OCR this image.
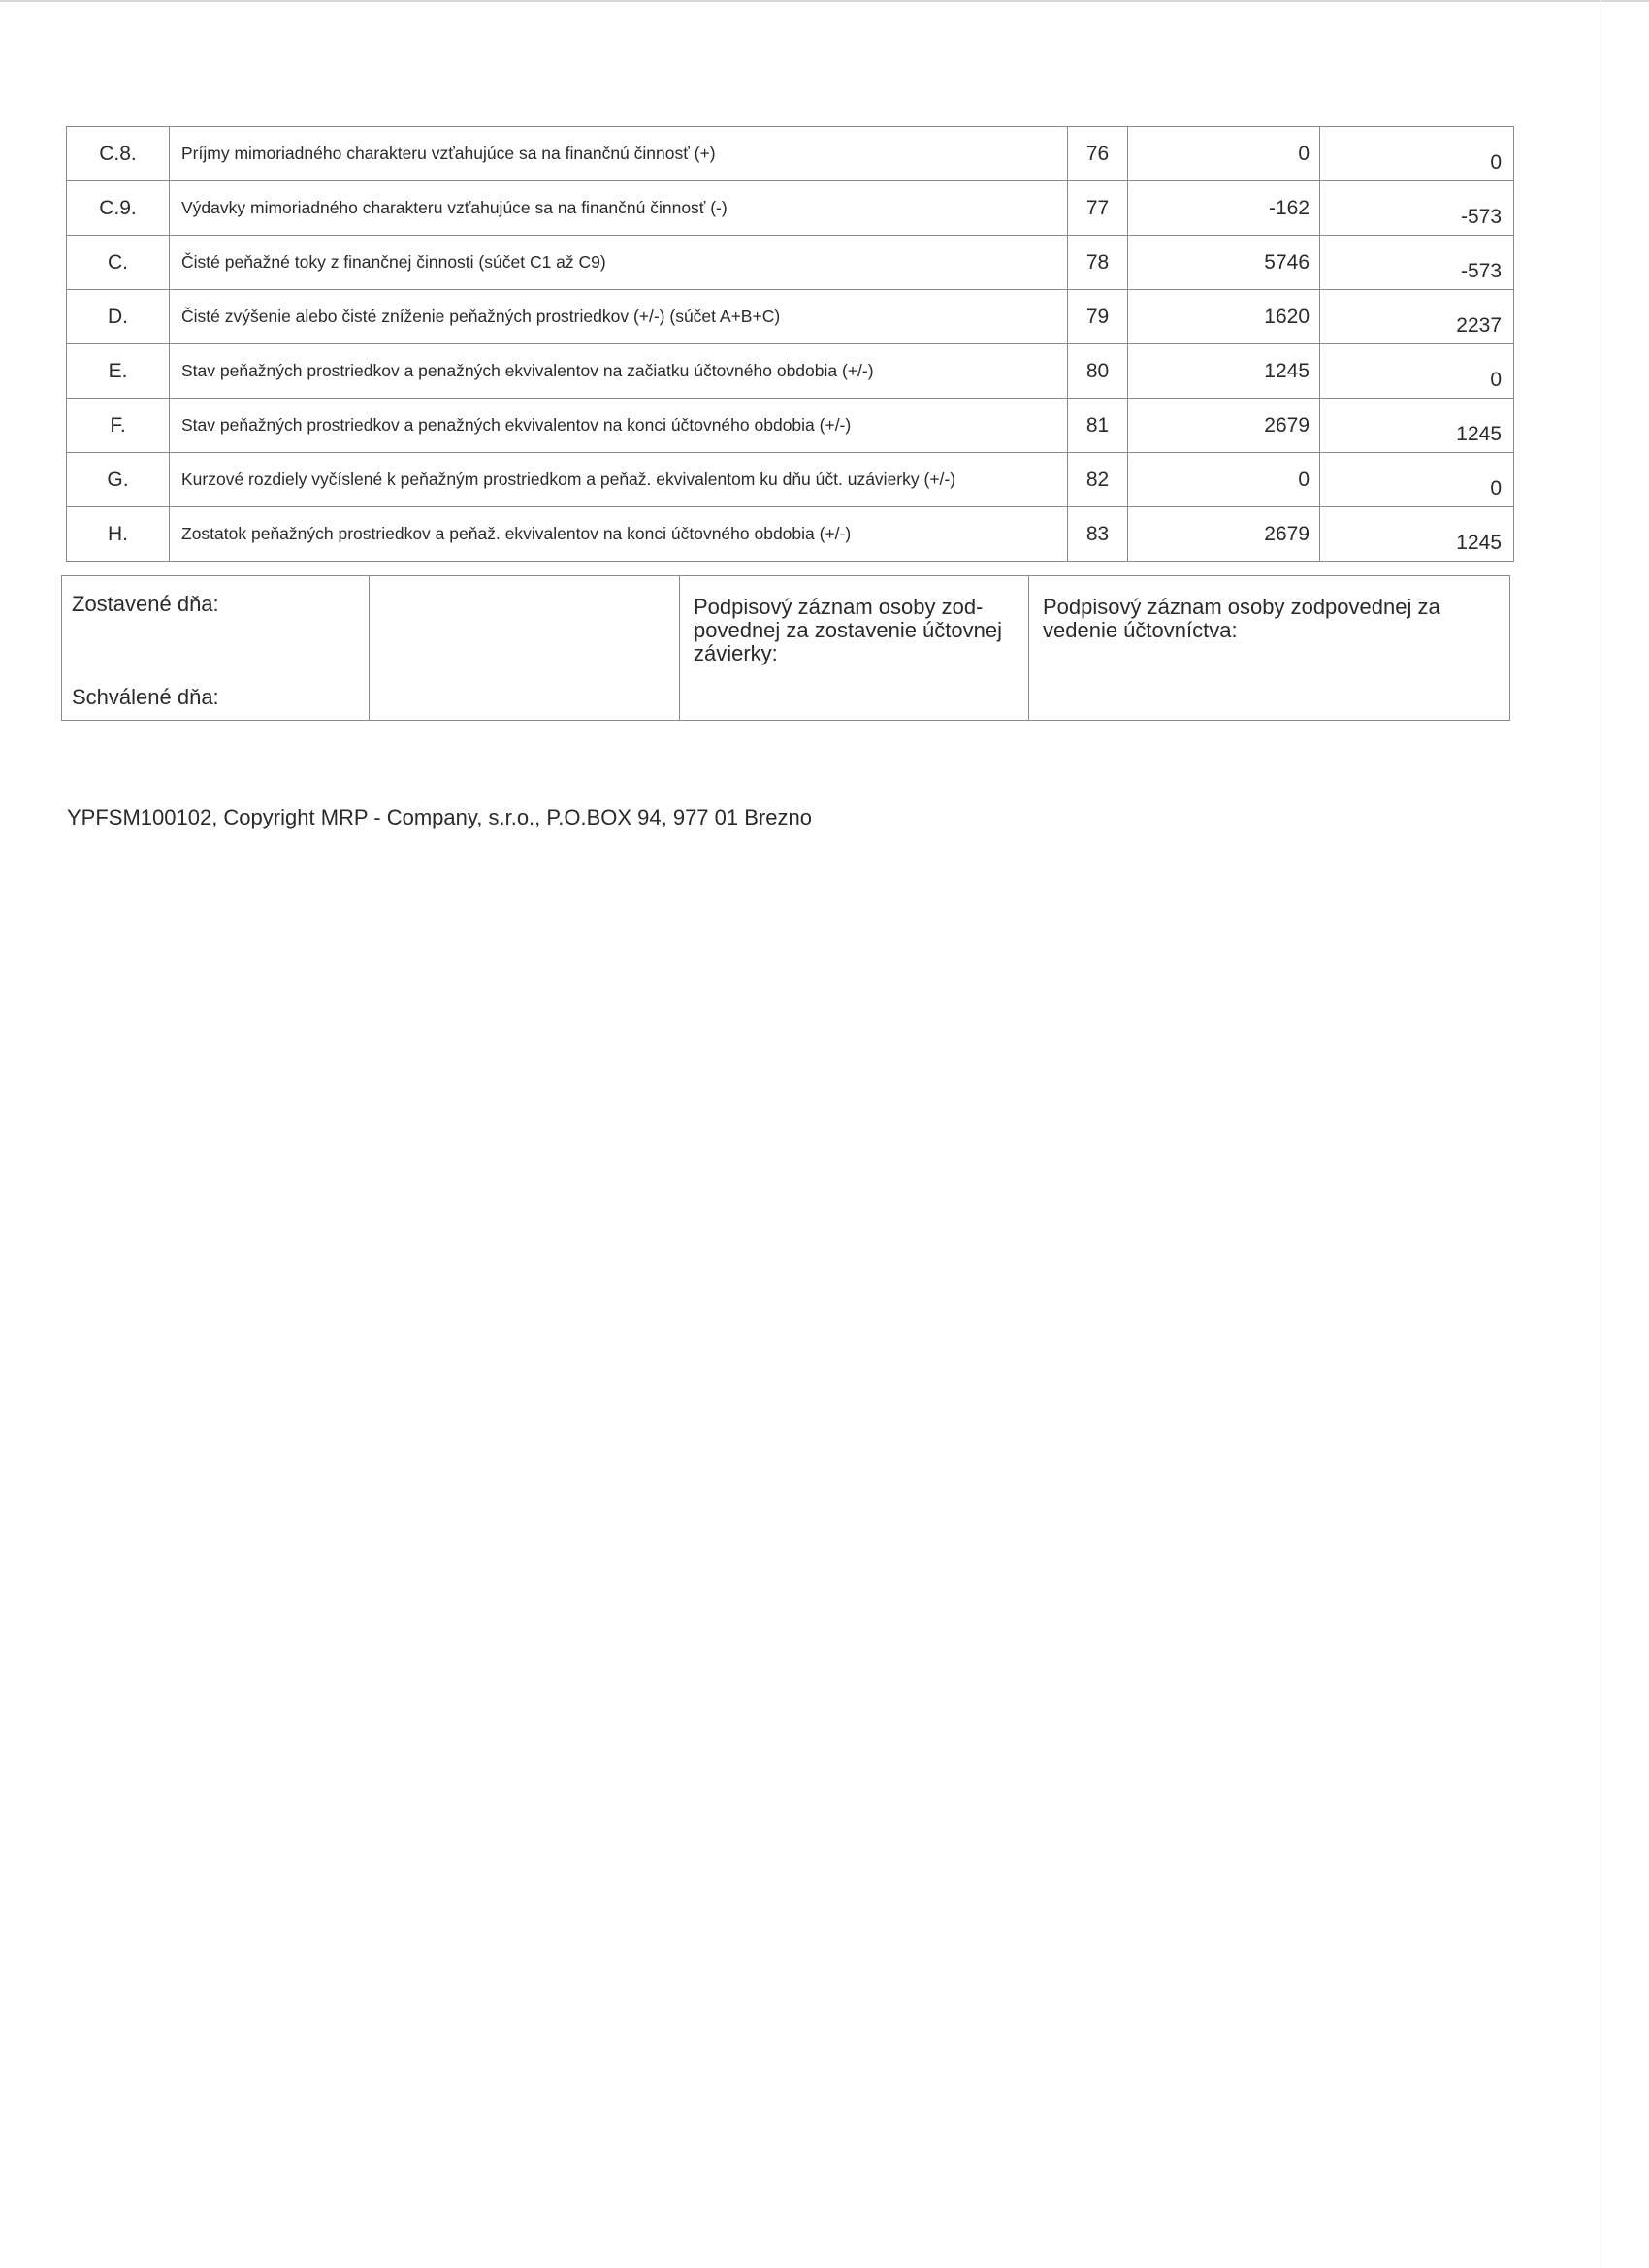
C.8.	Príjmy mimoriadného charakteru vzťahujúce sa na finančnú činnosť (+)	76	0	0
C.9.	Výdavky mimoriadného charakteru vzťahujúce sa na finančnú činnosť (-)	77	-162	-573
C.	Čisté peňažné toky z finančnej činnosti (súčet C1 až C9)	78	5746	-573
D.	Čisté zvýšenie alebo čisté zníženie peňažných prostriedkov (+/-) (súčet A+B+C)	79	1620	2237
E.	Stav peňažných prostriedkov a penažných ekvivalentov na začiatku účtovného obdobia (+/-)	80	1245	0
F.	Stav peňažných prostriedkov a penažných ekvivalentov na konci účtovného obdobia (+/-)	81	2679	1245
G.	Kurzové rozdiely vyčíslené k peňažným prostriedkom a peňaž. ekvivalentom ku dňu účt. uzávierky (+/-)	82	0	0
H.	Zostatok peňažných prostriedkov a peňaž. ekvivalentov na konci účtovného obdobia (+/-)	83	2679	1245
Zostavené dňa:
Schválené dňa:

Podpisový záznam osoby zod-povednej za zostavenie účtovnej závierky:

Podpisový záznam osoby zodpovednej za vedenie účtovníctva:
YPFSM100102, Copyright MRP - Company, s.r.o., P.O.BOX 94, 977 01 Brezno
